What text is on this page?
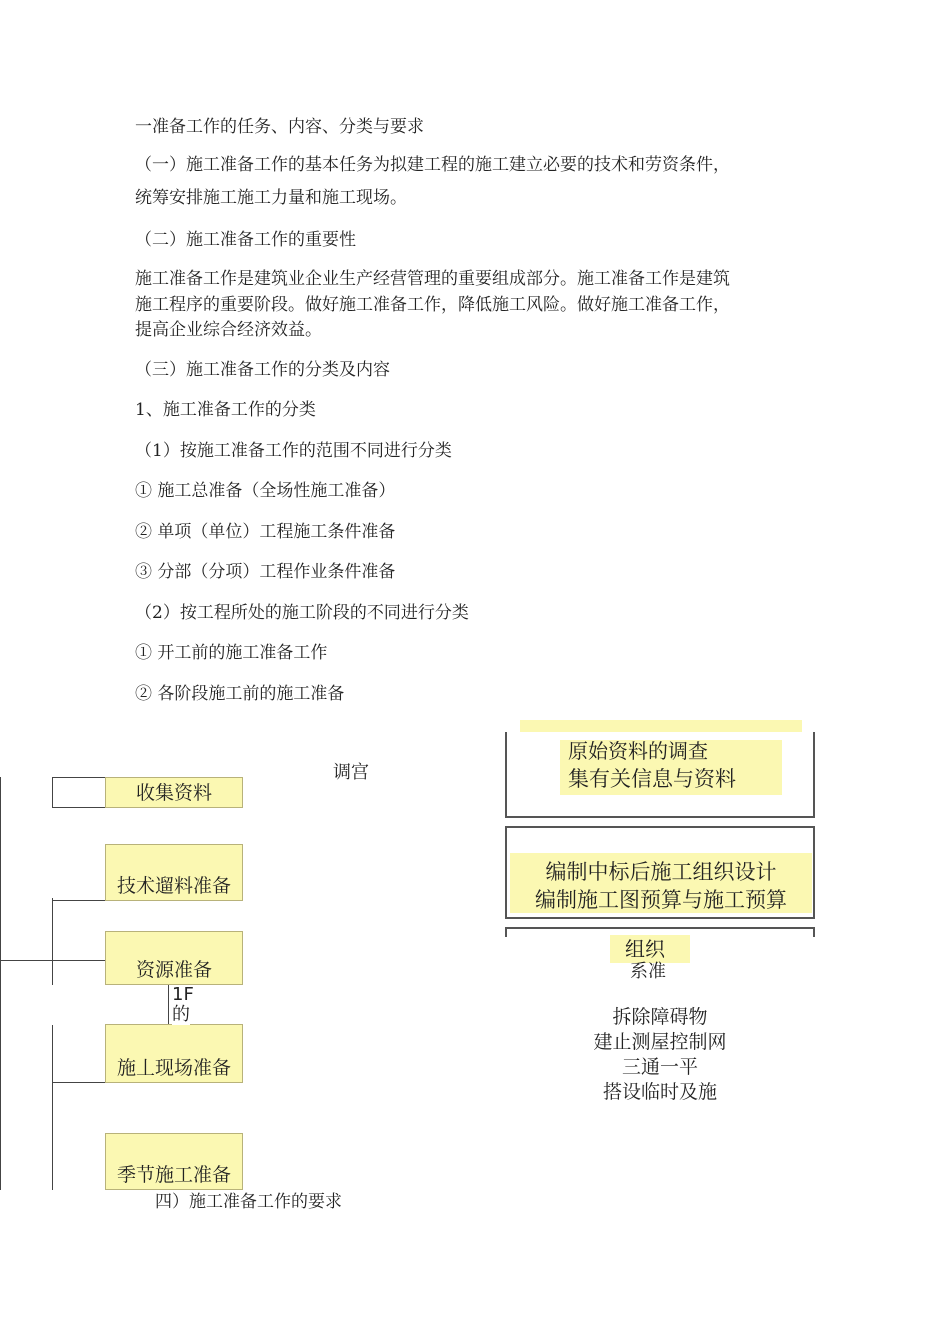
一准备工作的任务、内容、分类与要求
（一）施工准备工作的基本任务为拟建工程的施工建立必要的技术和劳资条件，
统筹安排施工施工力量和施工现场。
（二）施工准备工作的重要性
施工准备工作是建筑业企业生产经营管理的重要组成部分。施工准备工作是建筑
施工程序的重要阶段。做好施工准备工作，降低施工风险。做好施工准备工作，
提高企业综合经济效益。
（三）施工准备工作的分类及内容
1、施工准备工作的分类
（1）按施工准备工作的范围不同进行分类
① 施工总准备（全场性施工准备）
② 单项（单位）工程施工条件准备
③ 分部（分项）工程作业条件准备
（2）按工程所处的施工阶段的不同进行分类
① 开工前的施工准备工作
② 各阶段施工前的施工准备
收集资料
技术遛料准备
资源准备
施丄现场准备
季节施工准备
1F
的
调宫
四）施工准备工作的要求
原始资料的调查
集有关信息与资料
编制中标后施工组织设计
编制施工图预算与施工预算
组织
系准
拆除障碍物
建止测屋控制网
三通一平
搭设临时及施
